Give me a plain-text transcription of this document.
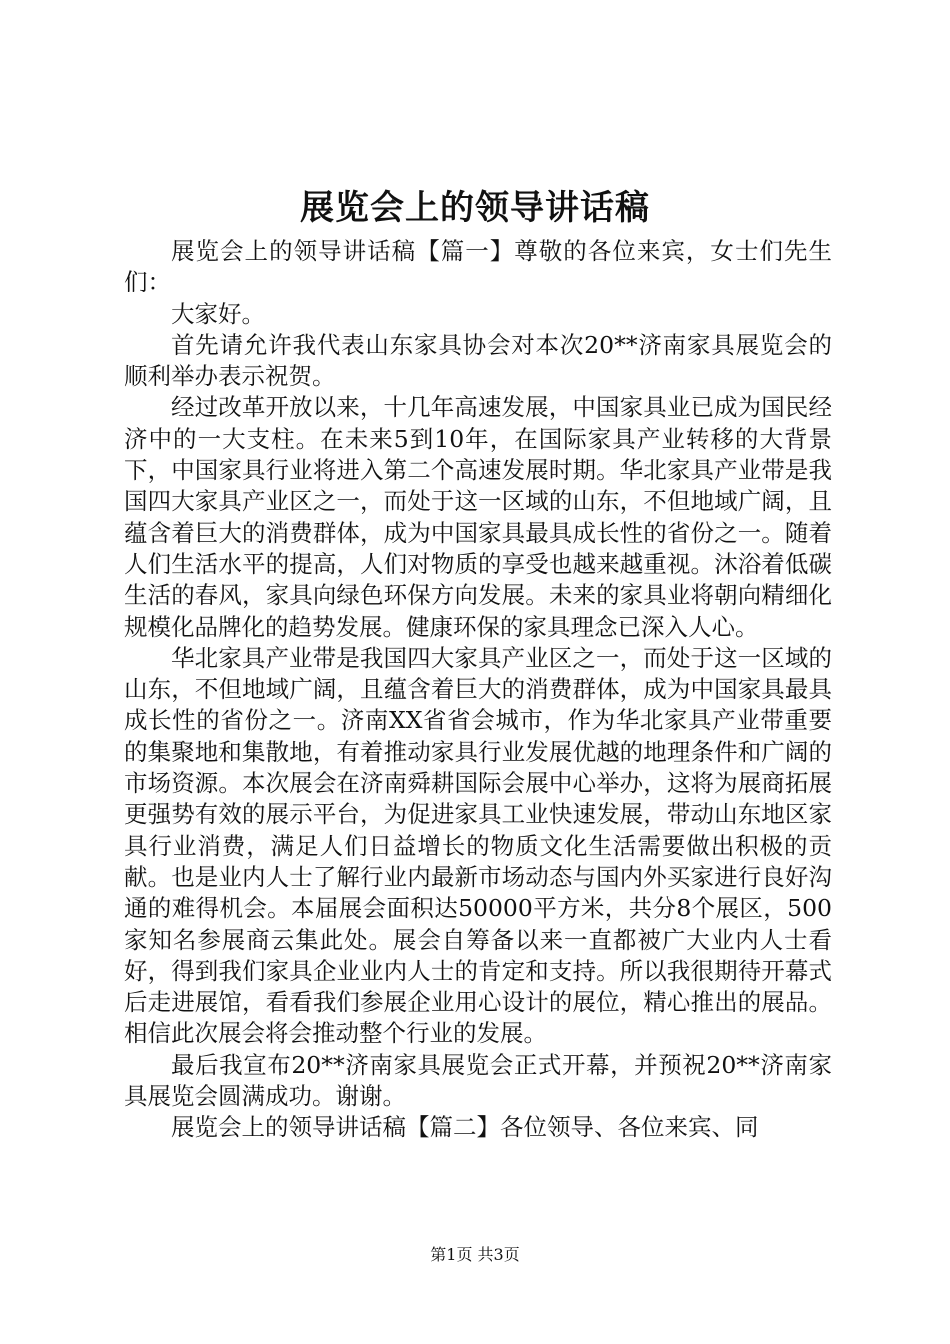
展览会上的领导讲话稿

展览会上的领导讲话稿【篇一】尊敬的各位来宾，女士们先生们：

大家好。

首先请允许我代表山东家具协会对本次20**济南家具展览会的顺利举办表示祝贺。

经过改革开放以来，十几年高速发展，中国家具业已成为国民经济中的一大支柱。在未来5到10年，在国际家具产业转移的大背景下，中国家具行业将进入第二个高速发展时期。华北家具产业带是我国四大家具产业区之一，而处于这一区域的山东，不但地域广阔，且蕴含着巨大的消费群体，成为中国家具最具成长性的省份之一。随着人们生活水平的提高，人们对物质的享受也越来越重视。沐浴着低碳生活的春风，家具向绿色环保方向发展。未来的家具业将朝向精细化规模化品牌化的趋势发展。健康环保的家具理念已深入人心。

华北家具产业带是我国四大家具产业区之一，而处于这一区域的山东，不但地域广阔，且蕴含着巨大的消费群体，成为中国家具最具成长性的省份之一。济南XX省省会城市，作为华北家具产业带重要的集聚地和集散地，有着推动家具行业发展优越的地理条件和广阔的市场资源。本次展会在济南舜耕国际会展中心举办，这将为展商拓展更强势有效的展示平台，为促进家具工业快速发展，带动山东地区家具行业消费，满足人们日益增长的物质文化生活需要做出积极的贡献。也是业内人士了解行业内最新市场动态与国内外买家进行良好沟通的难得机会。本届展会面积达50000平方米，共分8个展区，500家知名参展商云集此处。展会自筹备以来一直都被广大业内人士看好，得到我们家具企业业内人士的肯定和支持。所以我很期待开幕式后走进展馆，看看我们参展企业用心设计的展位，精心推出的展品。相信此次展会将会推动整个行业的发展。

最后我宣布20**济南家具展览会正式开幕，并预祝20**济南家具展览会圆满成功。谢谢。

展览会上的领导讲话稿【篇二】各位领导、各位来宾、同

第1页 共3页
